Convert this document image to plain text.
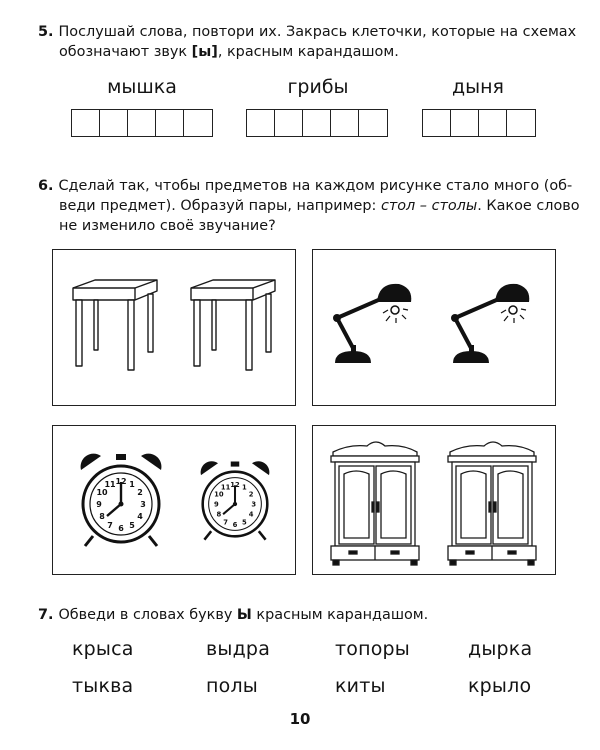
5. Послушай слова, повтори их. Закрась клеточки, которые на схемах
обозначают звук [ы], красным карандашом.
мышка	грибы	дыня
6. Сделай так, чтобы предметов на каждом рисунке стало много (об-
веди предмет). Образуй пары, например: стол – столы. Какое слово
не изменило своё звучание?
12
3
6
9
7
8
5
4
2
1
10
11	12
3
6
9
7
8
5
4
2
1
10
11
7. Обведи в словах букву Ы красным карандашом.
крыса	выдра	топоры	дырка
тыква	полы	киты	крыло
10
